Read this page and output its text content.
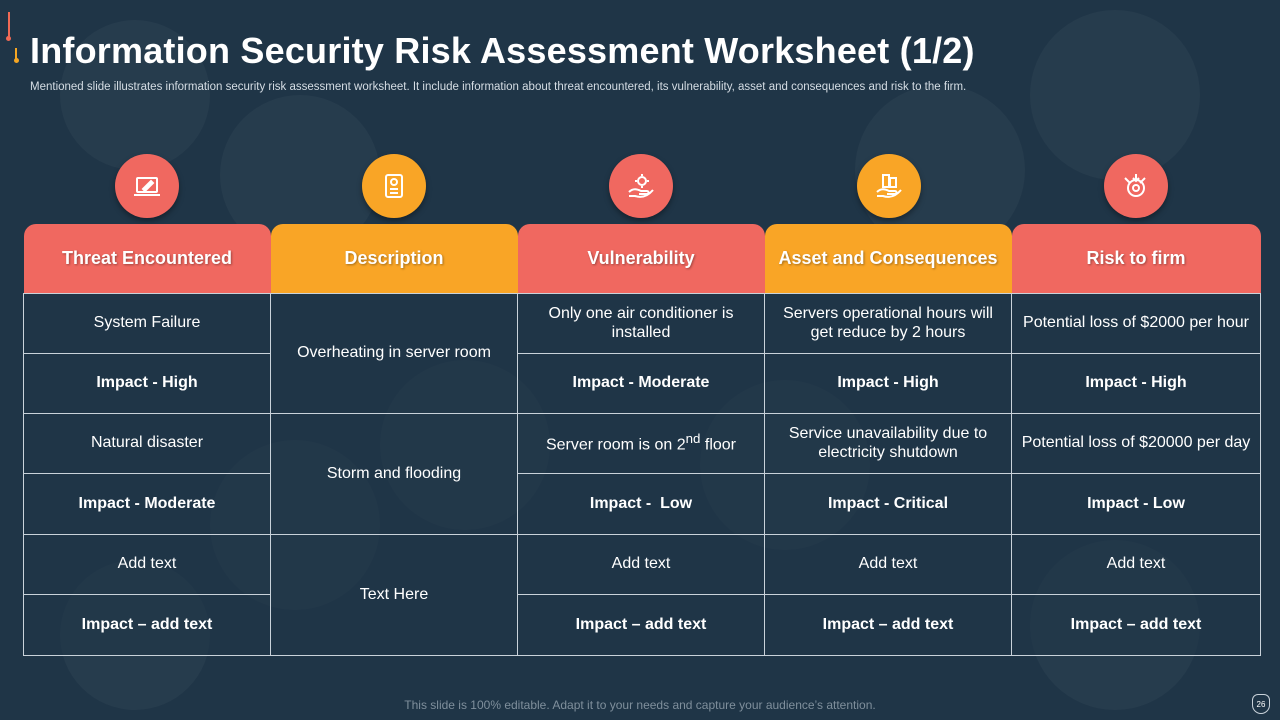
Information Security Risk Assessment Worksheet (1/2)
Mentioned slide illustrates information security risk assessment worksheet. It include information about threat encountered, its vulnerability, asset and consequences and risk to the firm.
Threat Encountered	Description	Vulnerability	Asset and Consequences	Risk to firm
System Failure	Overheating in server room	Only one air conditioner is installed	Servers operational hours will get reduce by 2 hours	Potential loss of $2000 per hour
Impact - High		Impact - Moderate	Impact - High	Impact - High
Natural disaster	Storm and flooding	Server room is on 2nd floor	Service unavailability due to electricity shutdown	Potential loss of $20000 per day
Impact - Moderate		Impact -  Low	Impact - Critical	Impact - Low
Add text	Text Here	Add text	Add text	Add text
Impact – add text		Impact – add text	Impact – add text	Impact – add text
This slide is 100% editable. Adapt it to your needs and capture your audience’s attention.	26
